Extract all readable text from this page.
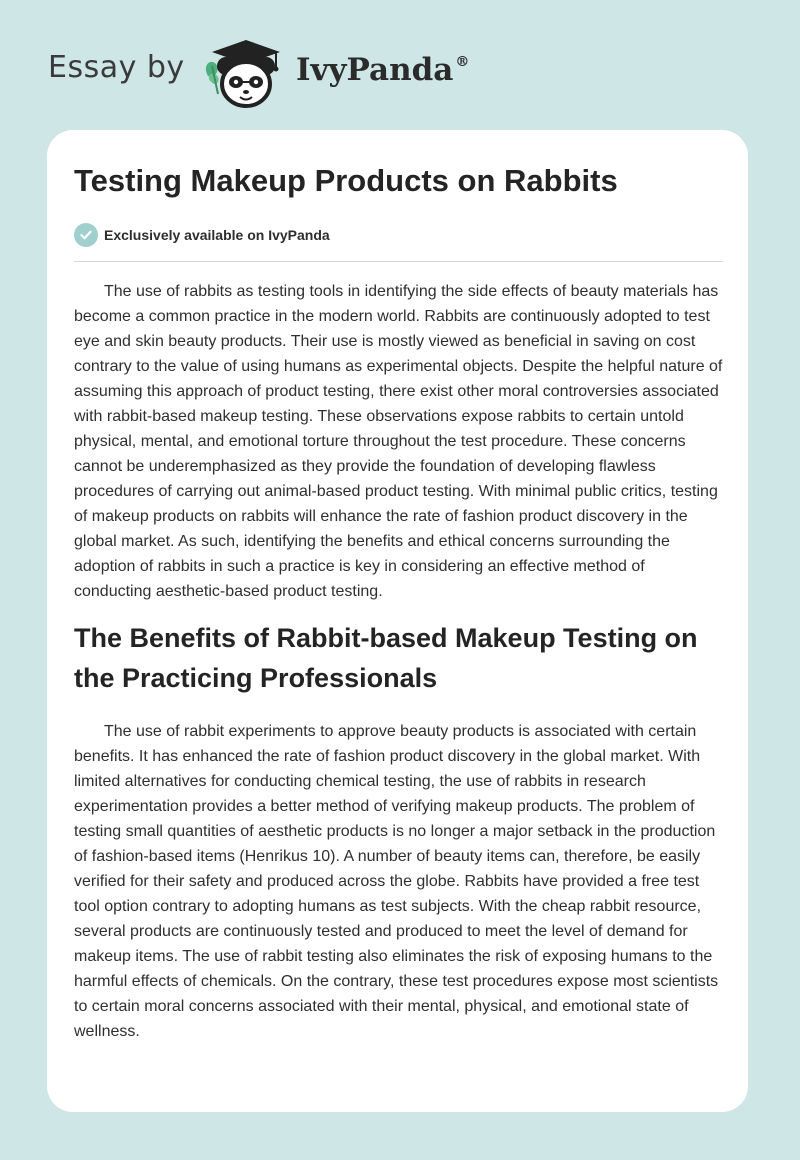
Essay by	IvyPanda ®
Testing Makeup Products on Rabbits
Exclusively available on IvyPanda

The use of rabbits as testing tools in identifying the side effects of beauty materials has become a common practice in the modern world. Rabbits are continuously adopted to test eye and skin beauty products. Their use is mostly viewed as beneficial in saving on cost contrary to the value of using humans as experimental objects. Despite the helpful nature of assuming this approach of product testing, there exist other moral controversies associated with rabbit-based makeup testing. These observations expose rabbits to certain untold physical, mental, and emotional torture throughout the test procedure. These concerns cannot be underemphasized as they provide the foundation of developing flawless procedures of carrying out animal-based product testing. With minimal public critics, testing of makeup products on rabbits will enhance the rate of fashion product discovery in the global market. As such, identifying the benefits and ethical concerns surrounding the adoption of rabbits in such a practice is key in considering an effective method of conducting aesthetic-based product testing.

The Benefits of Rabbit-based Makeup Testing on the Practicing Professionals

The use of rabbit experiments to approve beauty products is associated with certain benefits. It has enhanced the rate of fashion product discovery in the global market. With limited alternatives for conducting chemical testing, the use of rabbits in research experimentation provides a better method of verifying makeup products. The problem of testing small quantities of aesthetic products is no longer a major setback in the production of fashion-based items (Henrikus 10). A number of beauty items can, therefore, be easily verified for their safety and produced across the globe. Rabbits have provided a free test tool option contrary to adopting humans as test subjects. With the cheap rabbit resource, several products are continuously tested and produced to meet the level of demand for makeup items. The use of rabbit testing also eliminates the risk of exposing humans to the harmful effects of chemicals. On the contrary, these test procedures expose most scientists to certain moral concerns associated with their mental, physical, and emotional state of wellness.
